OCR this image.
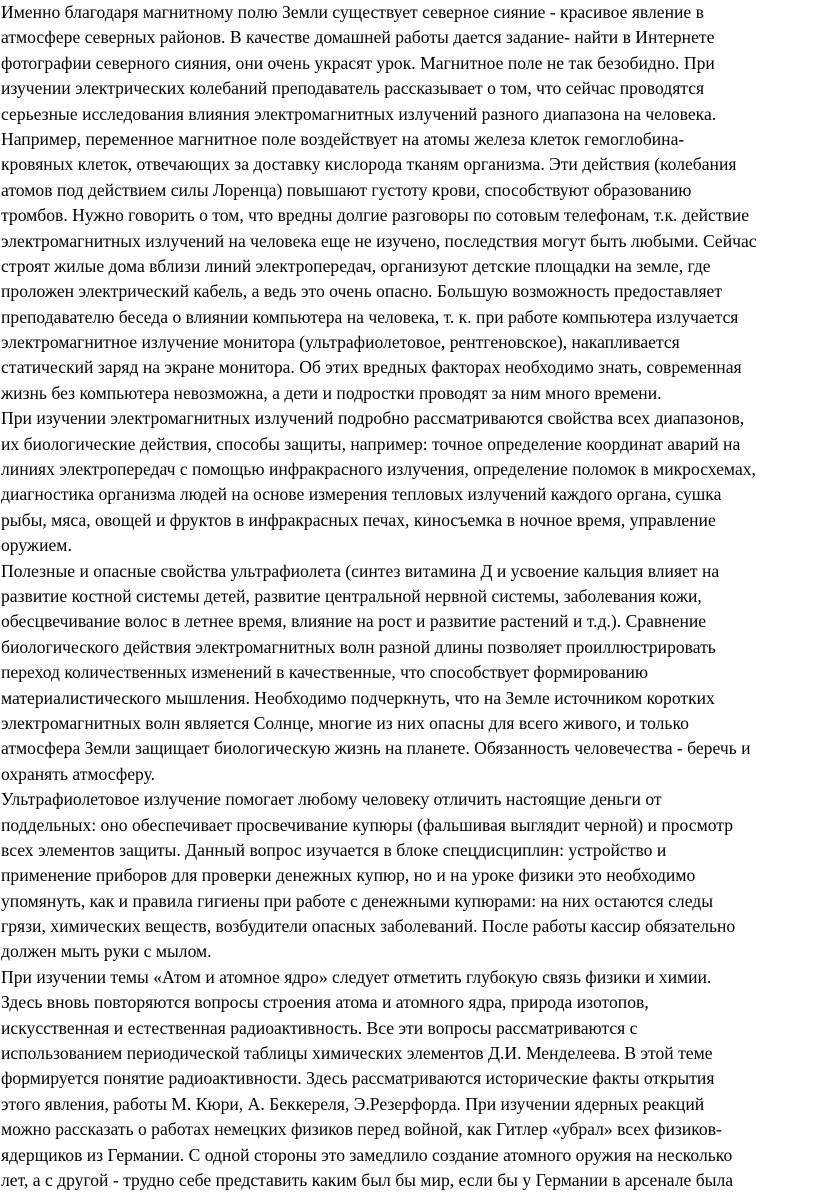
Именно благодаря магнитному полю Земли существует северное сияние - красивое явление в
атмосфере северных районов. В качестве домашней работы дается задание- найти в Интернете
фотографии северного сияния, они очень украсят урок. Магнитное поле не так безобидно. При
изучении электрических колебаний преподаватель рассказывает о том, что сейчас проводятся
серьезные исследования влияния электромагнитных излучений разного диапазона на человека.
Например, переменное магнитное поле воздействует на атомы железа клеток гемоглобина-
кровяных клеток, отвечающих за доставку кислорода тканям организма. Эти действия (колебания
атомов под действием силы Лоренца) повышают густоту крови, способствуют образованию
тромбов. Нужно говорить о том, что вредны долгие разговоры по сотовым телефонам, т.к. действие
электромагнитных излучений на человека еще не изучено, последствия могут быть любыми. Сейчас
строят жилые дома вблизи линий электропередач, организуют детские площадки на земле, где
проложен электрический кабель, а ведь это очень опасно. Большую возможность предоставляет
преподавателю беседа о влиянии компьютера на человека, т. к. при работе компьютера излучается
электромагнитное излучение монитора (ультрафиолетовое, рентгеновское), накапливается
статический заряд на экране монитора. Об этих вредных факторах необходимо знать, современная
жизнь без компьютера невозможна, а дети и подростки проводят за ним много времени.
При изучении электромагнитных излучений подробно рассматриваются свойства всех диапазонов,
их биологические действия, способы защиты, например: точное определение координат аварий на
линиях электропередач с помощью инфракрасного излучения, определение поломок в микросхемах,
диагностика организма людей на основе измерения тепловых излучений каждого органа, сушка
рыбы, мяса, овощей и фруктов в инфракрасных печах, киносъемка в ночное время, управление
оружием.
Полезные и опасные свойства ультрафиолета (синтез витамина Д и усвоение кальция влияет на
развитие костной системы детей, развитие центральной нервной системы, заболевания кожи,
обесцвечивание волос в летнее время, влияние на рост и развитие растений и т.д.). Сравнение
биологического действия электромагнитных волн разной длины позволяет проиллюстрировать
переход количественных изменений в качественные, что способствует формированию
материалистического мышления. Необходимо подчеркнуть, что на Земле источником коротких
электромагнитных волн является Солнце, многие из них опасны для всего живого, и только
атмосфера Земли защищает биологическую жизнь на планете. Обязанность человечества - беречь и
охранять атмосферу.
Ультрафиолетовое излучение помогает любому человеку отличить настоящие деньги от
поддельных: оно обеспечивает просвечивание купюры (фальшивая выглядит черной) и просмотр
всех элементов защиты. Данный вопрос изучается в блоке спецдисциплин: устройство и
применение приборов для проверки денежных купюр, но и на уроке физики это необходимо
упомянуть, как и правила гигиены при работе с денежными купюрами: на них остаются следы
грязи, химических веществ, возбудители опасных заболеваний. После работы кассир обязательно
должен мыть руки с мылом.
При изучении темы «Атом и атомное ядро» следует отметить глубокую связь физики и химии.
Здесь вновь повторяются вопросы строения атома и атомного ядра, природа изотопов,
искусственная и естественная радиоактивность. Все эти вопросы рассматриваются с
использованием периодической таблицы химических элементов Д.И. Менделеева. В этой теме
формируется понятие радиоактивности. Здесь рассматриваются исторические факты открытия
этого явления, работы М. Кюри, А. Беккереля, Э.Резерфорда. При изучении ядерных реакций
можно рассказать о работах немецких физиков перед войной, как Гитлер «убрал» всех физиков-
ядерщиков из Германии. С одной стороны это замедлило создание атомного оружия на несколько
лет, а с другой - трудно себе представить каким был бы мир, если бы у Германии в арсенале была
